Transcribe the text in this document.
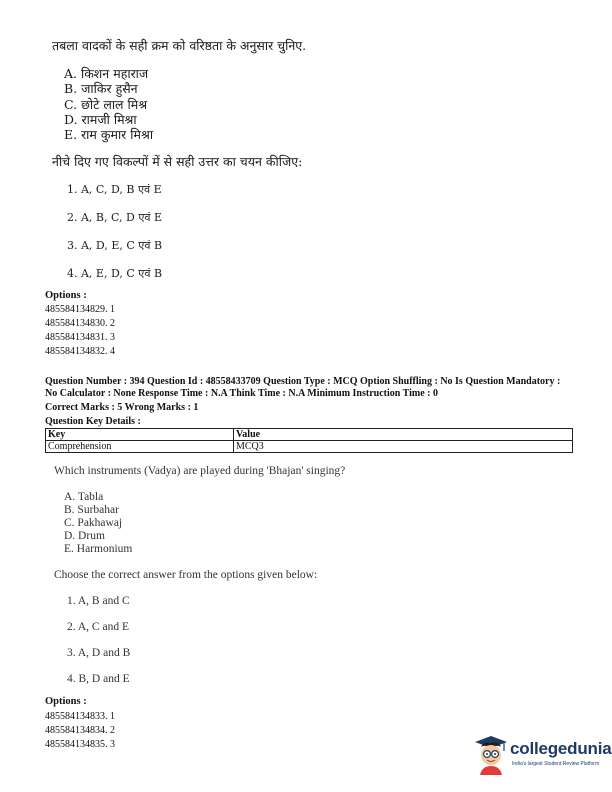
तबला वादकों के सही क्रम को वरिष्ठता के अनुसार चुनिए.
A. किशन महाराज
B. जाकिर हुसैन
C. छोटे लाल मिश्र
D. रामजी मिश्रा
E. राम कुमार मिश्रा
नीचे दिए गए विकल्पों में से सही उत्तर का चयन कीजिए:
1. A, C, D, B एवं E
2. A, B, C, D एवं E
3. A, D, E, C एवं B
4. A, E, D, C एवं B
Options :
485584134829. 1
485584134830. 2
485584134831. 3
485584134832. 4
Question Number : 394 Question Id : 48558433709 Question Type : MCQ Option Shuffling : No Is Question Mandatory :
No Calculator : None Response Time : N.A Think Time : N.A Minimum Instruction Time : 0
Correct Marks : 5 Wrong Marks : 1
Question Key Details :
Key	Value
Comprehension	MCQ3
Which instruments (Vadya) are played during 'Bhajan' singing?
A. Tabla
B. Surbahar
C. Pakhawaj
D. Drum
E. Harmonium
Choose the correct answer from the options given below:
1. A, B and C
2. A, C and E
3. A, D and B
4. B, D and E
Options :
485584134833. 1
485584134834. 2
485584134835. 3	collegedunia
India's largest Student Review Platform
